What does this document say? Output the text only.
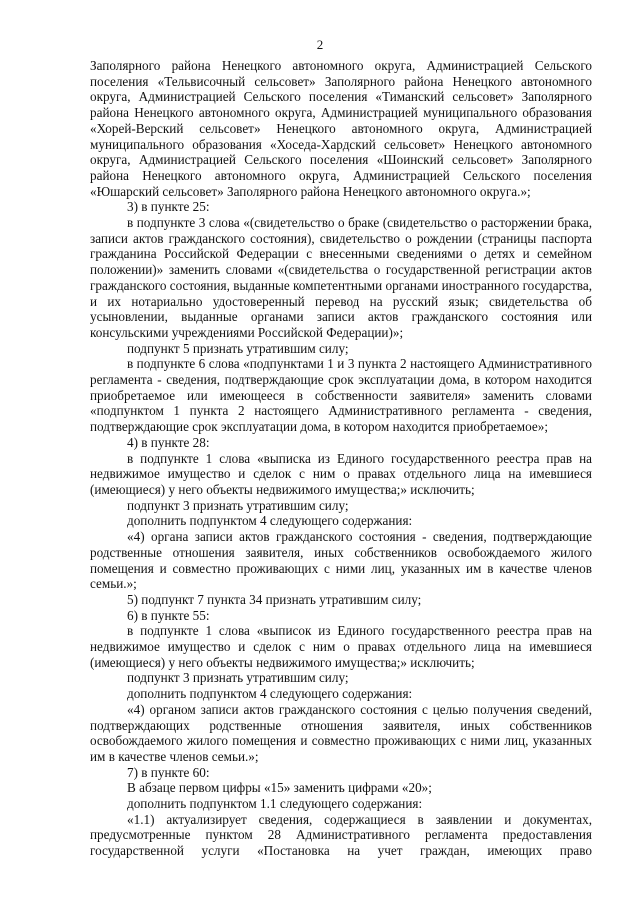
2

Заполярного района Ненецкого автономного округа, Администрацией Сельского поселения «Тельвисочный сельсовет» Заполярного района Ненецкого автономного округа, Администрацией Сельского поселения «Тиманский сельсовет» Заполярного района Ненецкого автономного округа, Администрацией муниципального образования «Хорей-Верский сельсовет» Ненецкого автономного округа, Администрацией муниципального образования «Хоседа-Хардский сельсовет» Ненецкого автономного округа, Администрацией Сельского поселения «Шоинский сельсовет» Заполярного района Ненецкого автономного округа, Администрацией Сельского поселения «Юшарский сельсовет» Заполярного района Ненецкого автономного округа.»;

3) в пункте 25:

в подпункте 3 слова «(свидетельство о браке (свидетельство о расторжении брака, записи актов гражданского состояния), свидетельство о рождении (страницы паспорта гражданина Российской Федерации с внесенными сведениями о детях и семейном положении)» заменить словами «(свидетельства о государственной регистрации актов гражданского состояния, выданные компетентными органами иностранного государства, и их нотариально удостоверенный перевод на русский язык; свидетельства об усыновлении, выданные органами записи актов гражданского состояния или консульскими учреждениями Российской Федерации)»;

подпункт 5 признать утратившим силу;

в подпункте 6 слова «подпунктами 1 и 3 пункта 2 настоящего Административного регламента - сведения, подтверждающие срок эксплуатации дома, в котором находится приобретаемое или имеющееся в собственности заявителя» заменить словами «подпунктом 1 пункта 2 настоящего Административного регламента - сведения, подтверждающие срок эксплуатации дома, в котором находится приобретаемое»;

4) в пункте 28:

в подпункте 1 слова «выписка из Единого государственного реестра прав на недвижимое имущество и сделок с ним о правах отдельного лица на имевшиеся (имеющиеся) у него объекты недвижимого имущества;» исключить;

подпункт 3 признать утратившим силу;

дополнить подпунктом 4 следующего содержания:

«4) органа записи актов гражданского состояния - сведения, подтверждающие родственные отношения заявителя, иных собственников освобождаемого жилого помещения и совместно проживающих с ними лиц, указанных им в качестве членов семьи.»;

5) подпункт 7 пункта 34 признать утратившим силу;

6) в пункте 55:

в подпункте 1 слова «выписок из Единого государственного реестра прав на недвижимое имущество и сделок с ним о правах отдельного лица на имевшиеся (имеющиеся) у него объекты недвижимого имущества;» исключить;

подпункт 3 признать утратившим силу;

дополнить подпунктом 4 следующего содержания:

«4) органом записи актов гражданского состояния с целью получения сведений, подтверждающих родственные отношения заявителя, иных собственников освобождаемого жилого помещения и совместно проживающих с ними лиц, указанных им в качестве членов семьи.»;

7) в пункте 60:

В абзаце первом цифры «15» заменить цифрами «20»;

дополнить подпунктом 1.1 следующего содержания:

«1.1) актуализирует сведения, содержащиеся в заявлении и документах, предусмотренные пунктом 28 Административного регламента предоставления государственной услуги «Постановка на учет граждан, имеющих право
